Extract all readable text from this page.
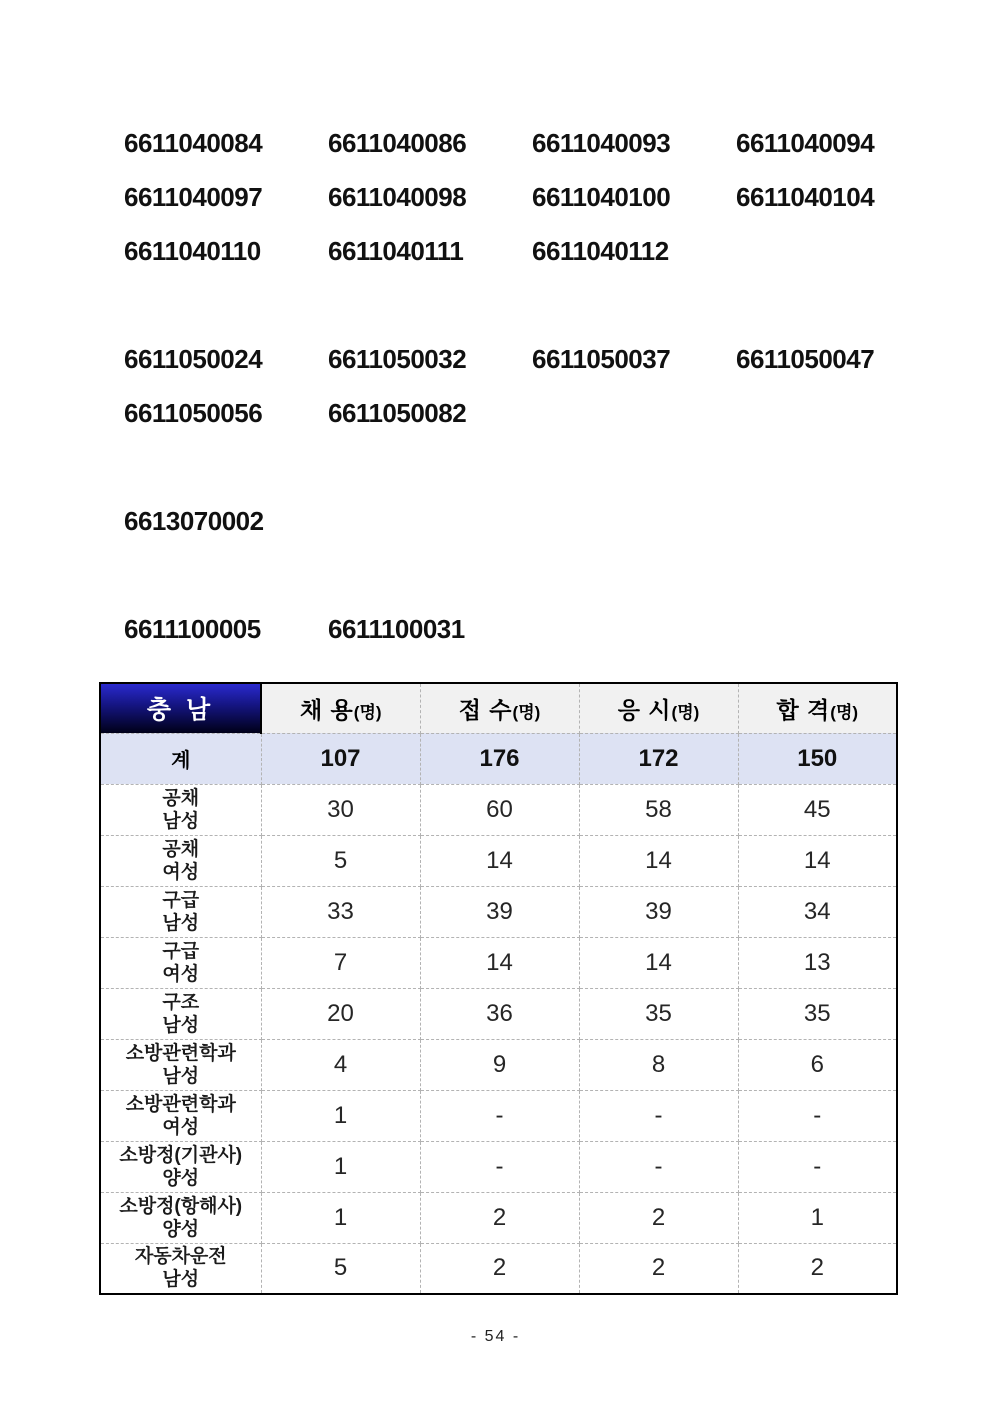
6611040084	6611040086	6611040093	6611040094
6611040097	6611040098	6611040100	6611040104
6611040110	6611040111	6611040112
6611050024	6611050032	6611050037	6611050047
6611050056	6611050082
6613070002
6611100005	6611100031
충 남	채 용(명)	접 수(명)	응 시(명)	합 격(명)
계	107	176	172	150

공채
남성	30	60	58	45

공채
여성	5	14	14	14

구급
남성	33	39	39	34

구급
여성	7	14	14	13

구조
남성	20	36	35	35

소방관련학과
남성	4	9	8	6

소방관련학과
여성	1	-	-	-

소방정(기관사)
양성	1	-	-	-

소방정(항해사)
양성	1	2	2	1

자동차운전
남성	5	2	2	2
- 54 -
